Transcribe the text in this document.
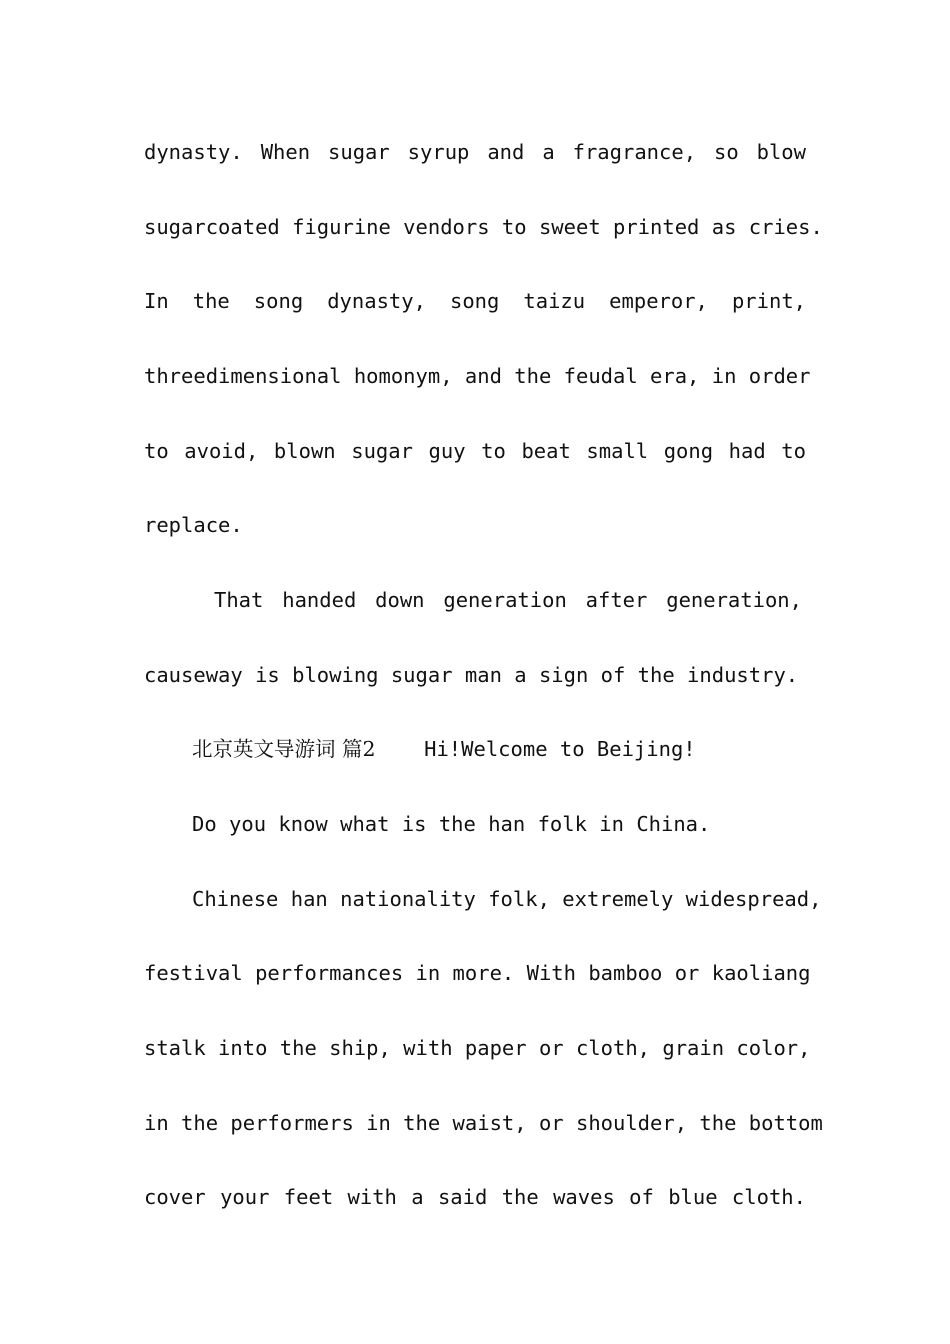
dynasty. When sugar syrup and a fragrance, so blow
sugarcoated figurine vendors to sweet printed as cries.
In the song dynasty, song taizu emperor, print,
threedimensional homonym, and the feudal era, in order
to avoid, blown sugar guy to beat small gong had to
replace.
That handed down generation after generation,
causeway is blowing sugar man a sign of the industry.
北京英文导游词 篇2 Hi!Welcome to Beijing!
Do you know what is the han folk in China.
Chinese han nationality folk, extremely widespread,
festival performances in more. With bamboo or kaoliang
stalk into the ship, with paper or cloth, grain color,
in the performers in the waist, or shoulder, the bottom
cover your feet with a said the waves of blue cloth.
